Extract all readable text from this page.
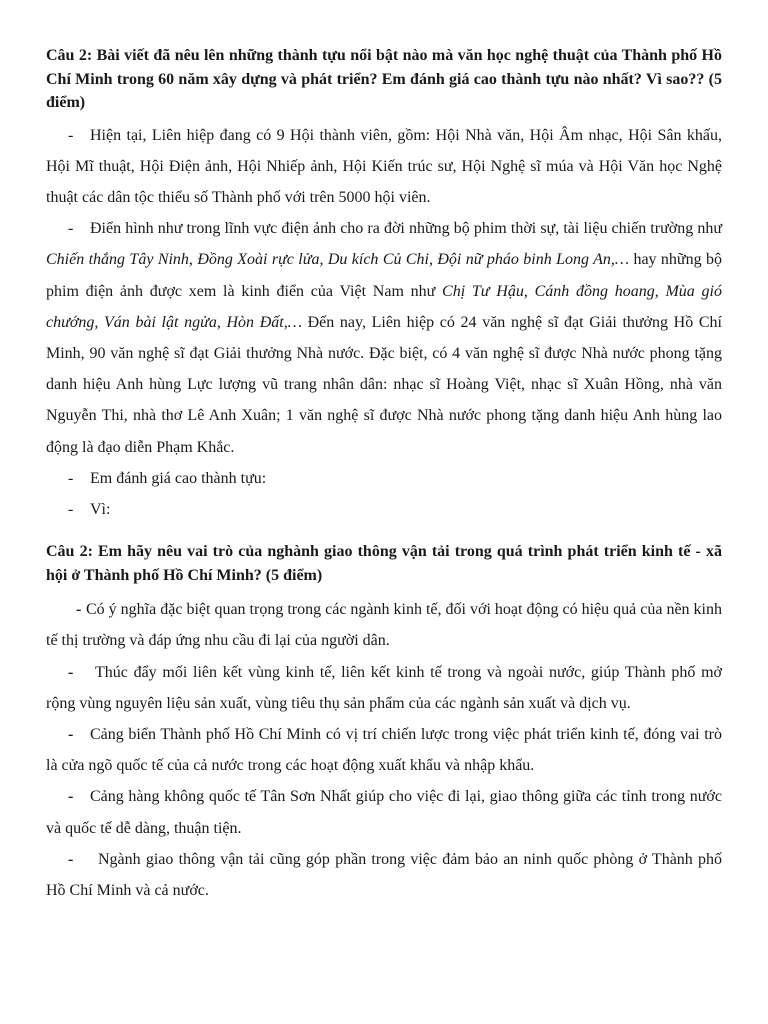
Câu 2: Bài viết đã nêu lên những thành tựu nổi bật nào mà văn học nghệ thuật của Thành phố Hồ Chí Minh trong 60 năm xây dựng và phát triển? Em đánh giá cao thành tựu nào nhất? Vì sao?? (5 điểm)

- Hiện tại, Liên hiệp đang có 9 Hội thành viên, gồm: Hội Nhà văn, Hội Âm nhạc, Hội Sân khấu, Hội Mĩ thuật, Hội Điện ảnh, Hội Nhiếp ảnh, Hội Kiến trúc sư, Hội Nghệ sĩ múa và Hội Văn học Nghệ thuật các dân tộc thiểu số Thành phố với trên 5000 hội viên.

- Điển hình như trong lĩnh vực điện ảnh cho ra đời những bộ phim thời sự, tài liệu chiến trường như Chiến thắng Tây Ninh, Đồng Xoài rực lửa, Du kích Củ Chi, Đội nữ pháo binh Long An,… hay những bộ phim điện ảnh được xem là kinh điển của Việt Nam như Chị Tư Hậu, Cánh đồng hoang, Mùa gió chướng, Ván bài lật ngửa, Hòn Đất,… Đến nay, Liên hiệp có 24 văn nghệ sĩ đạt Giải thưởng Hồ Chí Minh, 90 văn nghệ sĩ đạt Giải thưởng Nhà nước. Đặc biệt, có 4 văn nghệ sĩ được Nhà nước phong tặng danh hiệu Anh hùng Lực lượng vũ trang nhân dân: nhạc sĩ Hoàng Việt, nhạc sĩ Xuân Hồng, nhà văn Nguyễn Thi, nhà thơ Lê Anh Xuân; 1 văn nghệ sĩ được Nhà nước phong tặng danh hiệu Anh hùng lao động là đạo diễn Phạm Khắc.

- Em đánh giá cao thành tựu:

- Vì:

Câu 2: Em hãy nêu vai trò của nghành giao thông vận tải trong quá trình phát triển kinh tế - xã hội ở Thành phố Hồ Chí Minh? (5 điểm)

- Có ý nghĩa đặc biệt quan trọng trong các ngành kinh tế, đối với hoạt động có hiệu quả của nền kinh tế thị trường và đáp ứng nhu cầu đi lại của người dân.

- Thúc đẩy mối liên kết vùng kinh tế, liên kết kinh tế trong và ngoài nước, giúp Thành phố mở rộng vùng nguyên liệu sản xuất, vùng tiêu thụ sản phẩm của các ngành sản xuất và dịch vụ.

- Cảng biển Thành phố Hồ Chí Minh có vị trí chiến lược trong việc phát triển kinh tế, đóng vai trò là cửa ngõ quốc tế của cả nước trong các hoạt động xuất khẩu và nhập khẩu.

- Cảng hàng không quốc tế Tân Sơn Nhất giúp cho việc đi lại, giao thông giữa các tỉnh trong nước và quốc tế dễ dàng, thuận tiện.

- Ngành giao thông vận tải cũng góp phần trong việc đảm bảo an ninh quốc phòng ở Thành phố Hồ Chí Minh và cả nước.
